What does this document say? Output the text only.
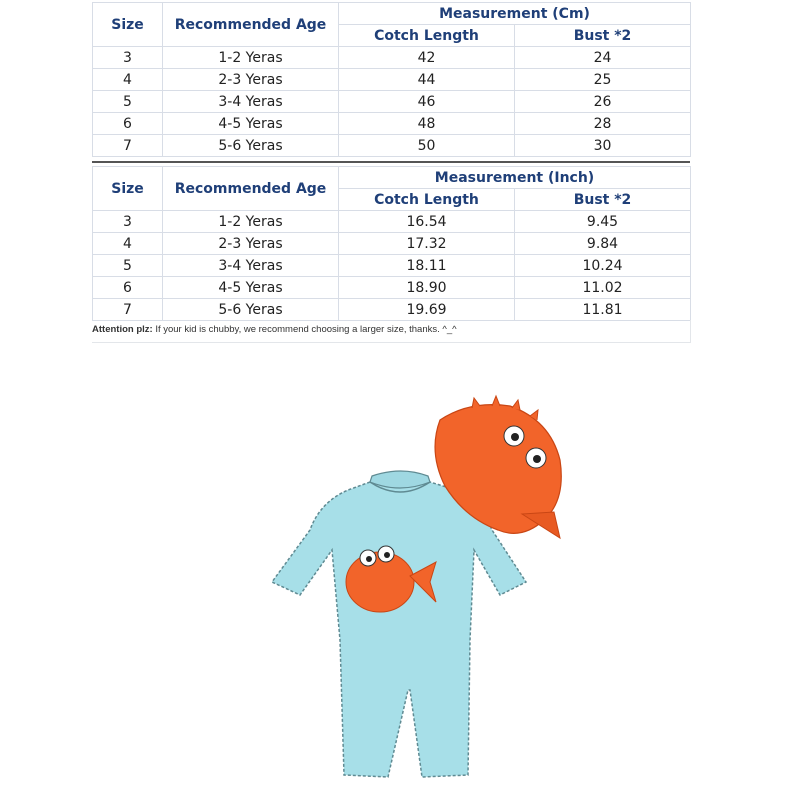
Size	Recommended Age	Measurement (Cm)	
		Cotch Length	Bust *2
3	1-2 Yeras	42	24
4	2-3 Yeras	44	25
5	3-4 Yeras	46	26
6	4-5 Yeras	48	28
7	5-6 Yeras	50	30
Size	Recommended Age	Measurement (Inch)	
		Cotch Length	Bust *2
3	1-2 Yeras	16.54	9.45
4	2-3 Yeras	17.32	9.84
5	3-4 Yeras	18.11	10.24
6	4-5 Yeras	18.90	11.02
7	5-6 Yeras	19.69	11.81
Attention plz: If your kid is chubby, we recommend choosing a larger size, thanks. ^_^
